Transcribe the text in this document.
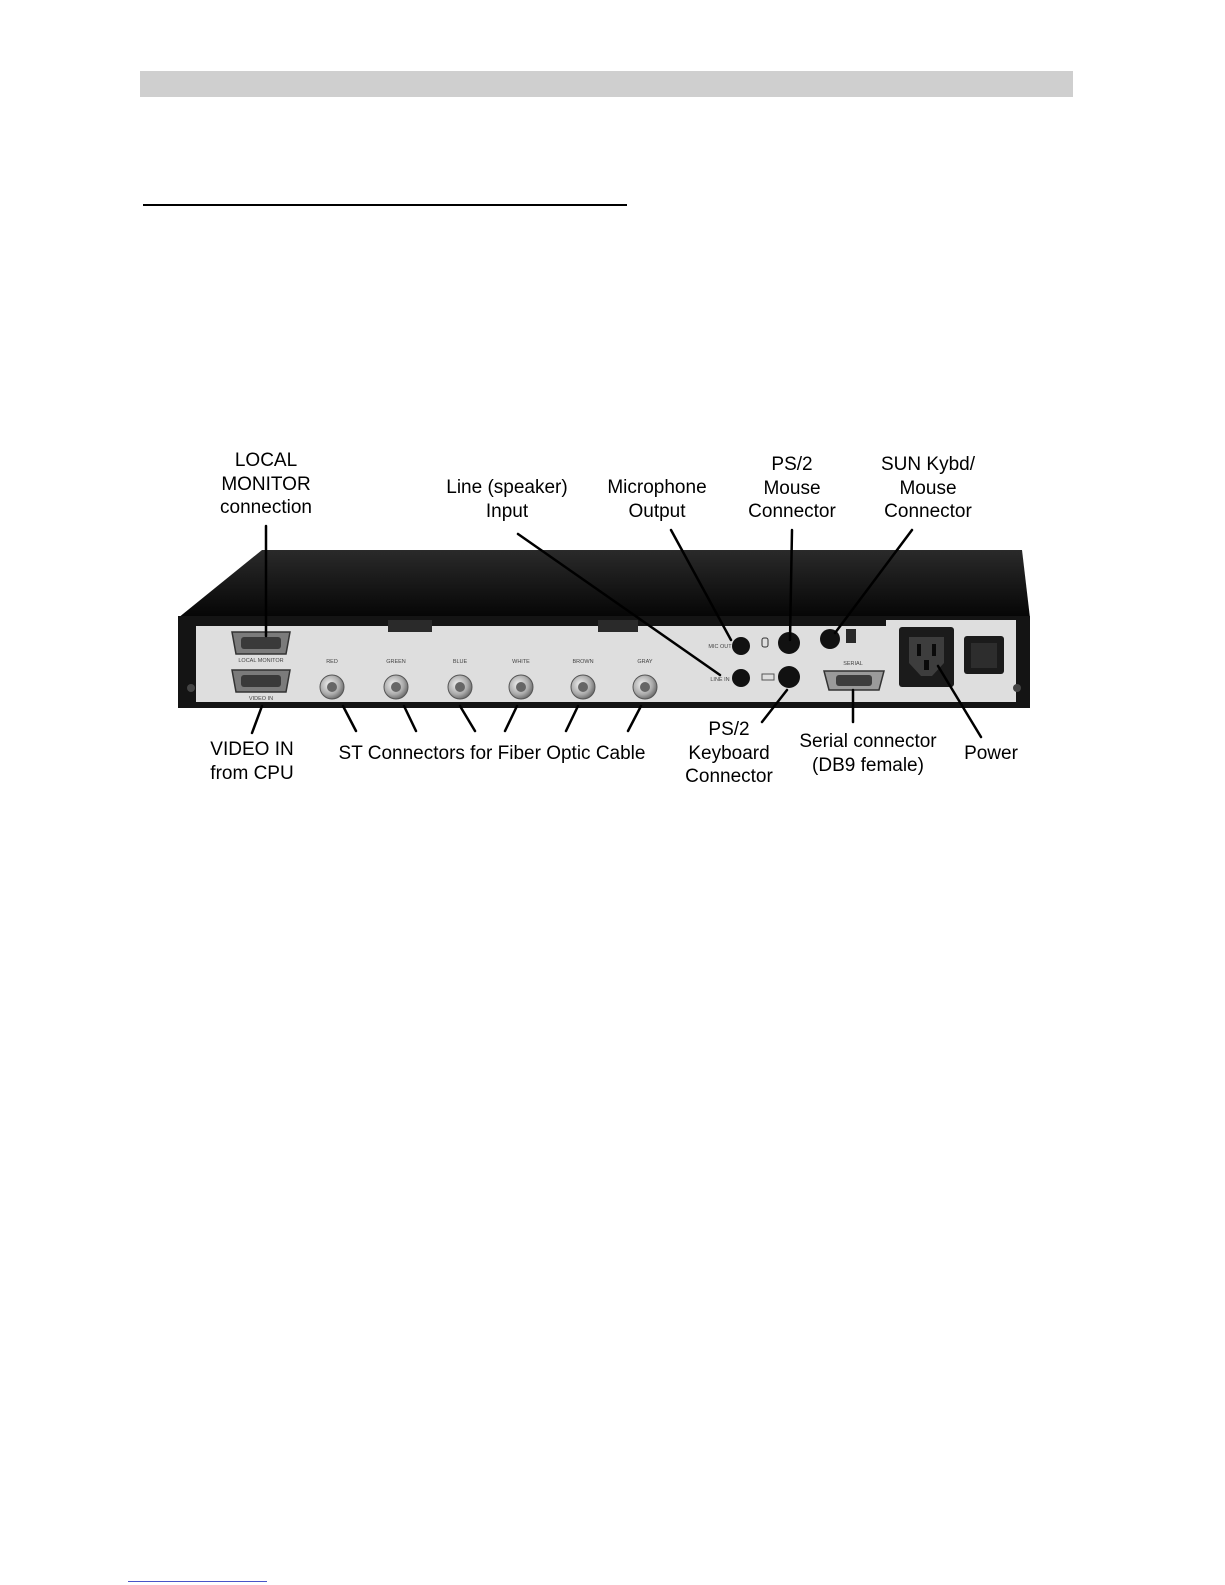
LOCAL MONITOR
VIDEO IN
RED	GREEN	BLUE	WHITE	BROWN	GRAY
MIC OUT
LINE IN
SERIAL
LOCAL
MONITOR
connection
Line (speaker)
Input
Microphone
Output
PS/2
Mouse
Connector
SUN Kybd/
Mouse
Connector
VIDEO IN
from CPU
ST Connectors for Fiber Optic Cable
PS/2
Keyboard
Connector
Serial connector
(DB9 female)
Power
